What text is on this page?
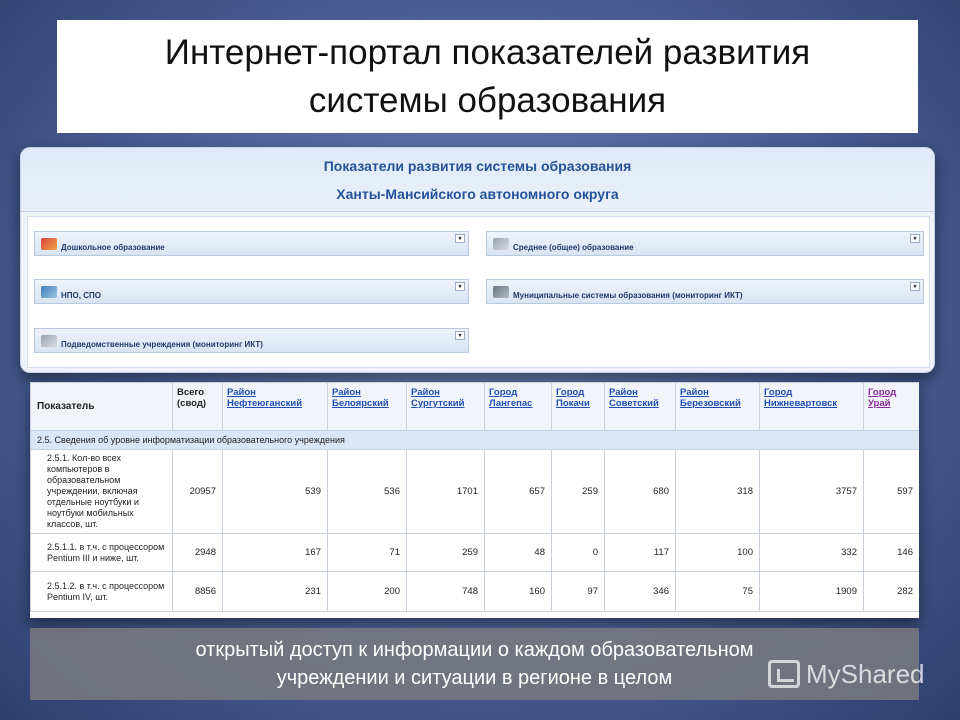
Интернет-портал показателей развития
системы образования
Показатели развития системы образования
Ханты-Мансийского автономного округа
Дошкольное образование
▾
Среднее (общее) образование
▾
НПО, СПО
▾
Муниципальные системы образования (мониторинг ИКТ)
▾
Подведомственные учреждения (мониторинг ИКТ)
▾
Показатель	Всего (свод)	Район Нефтеюганский	Район Белоярский	Район Сургутский	Город Лангепас	Город Покачи	Район Советский	Район Березовский	Город Нижневартовск	Город Урай
2.5. Сведения об уровне информатизации образовательного учреждения										
2.5.1. Кол-во всех компьютеров в образовательном учреждении, включая отдельные ноутбуки и ноутбуки мобильных классов, шт.	20957	539	536	1701	657	259	680	318	3757	597
2.5.1.1. в т.ч. с процессором Pentium III и ниже, шт.	2948	167	71	259	48	0	117	100	332	146
2.5.1.2. в т.ч. с процессором Pentium IV, шт.	8856	231	200	748	160	97	346	75	1909	282
открытый доступ к информации о каждом образовательном
учреждении и ситуации в регионе в целом	MyShared
